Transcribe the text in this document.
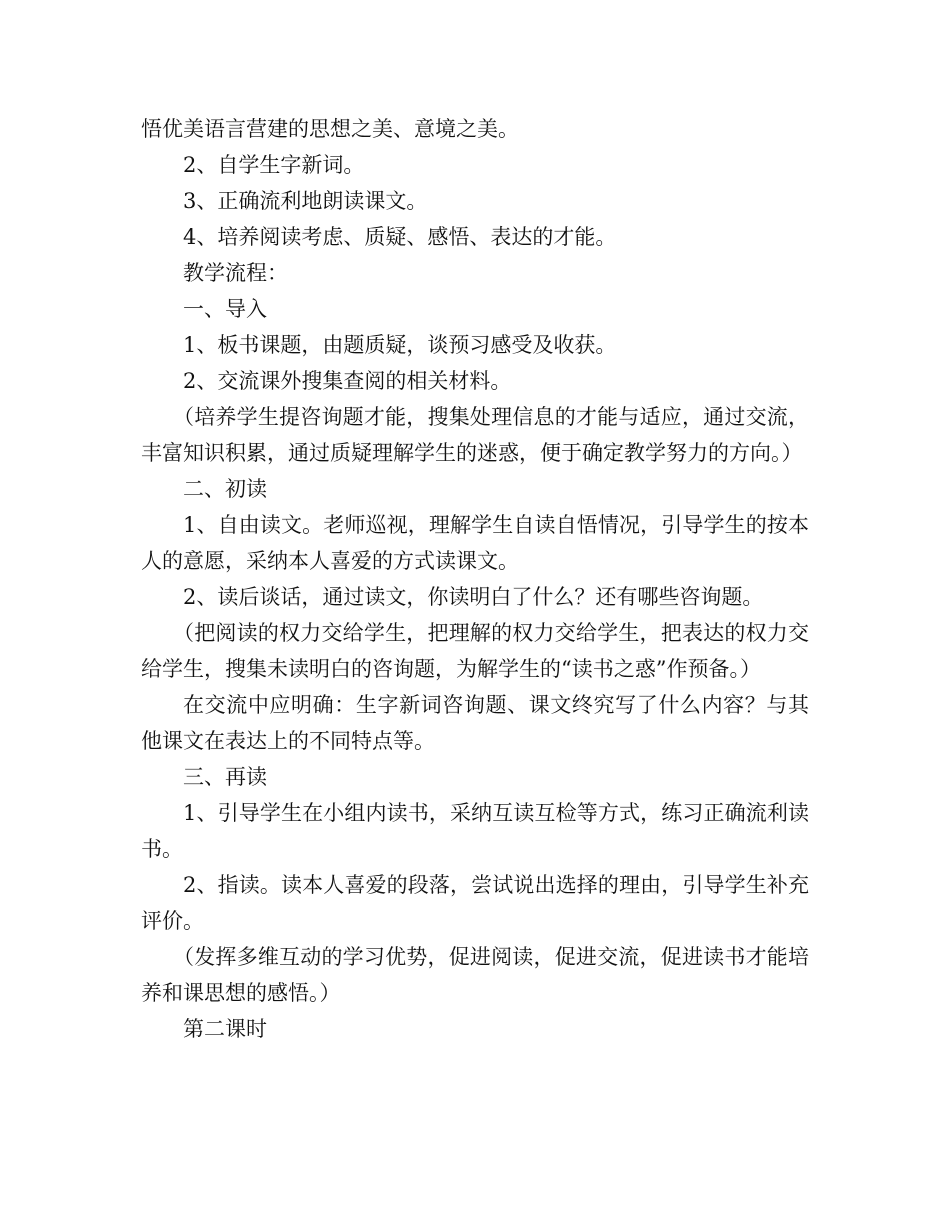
悟优美语言营建的思想之美、意境之美。

2、自学生字新词。

3、正确流利地朗读课文。

4、培养阅读考虑、质疑、感悟、表达的才能。

教学流程：

一、导入

1、板书课题，由题质疑，谈预习感受及收获。

2、交流课外搜集查阅的相关材料。

（培养学生提咨询题才能，搜集处理信息的才能与适应，通过交流，丰富知识积累，通过质疑理解学生的迷惑，便于确定教学努力的方向。）

二、初读

1、自由读文。老师巡视，理解学生自读自悟情况，引导学生的按本人的意愿，采纳本人喜爱的方式读课文。

2、读后谈话，通过读文，你读明白了什么？还有哪些咨询题。

（把阅读的权力交给学生，把理解的权力交给学生，把表达的权力交给学生，搜集未读明白的咨询题，为解学生的“读书之惑”作预备。）

在交流中应明确：生字新词咨询题、课文终究写了什么内容？与其他课文在表达上的不同特点等。

三、再读

1、引导学生在小组内读书，采纳互读互检等方式，练习正确流利读书。

2、指读。读本人喜爱的段落，尝试说出选择的理由，引导学生补充评价。

（发挥多维互动的学习优势，促进阅读，促进交流，促进读书才能培养和课思想的感悟。）

第二课时
